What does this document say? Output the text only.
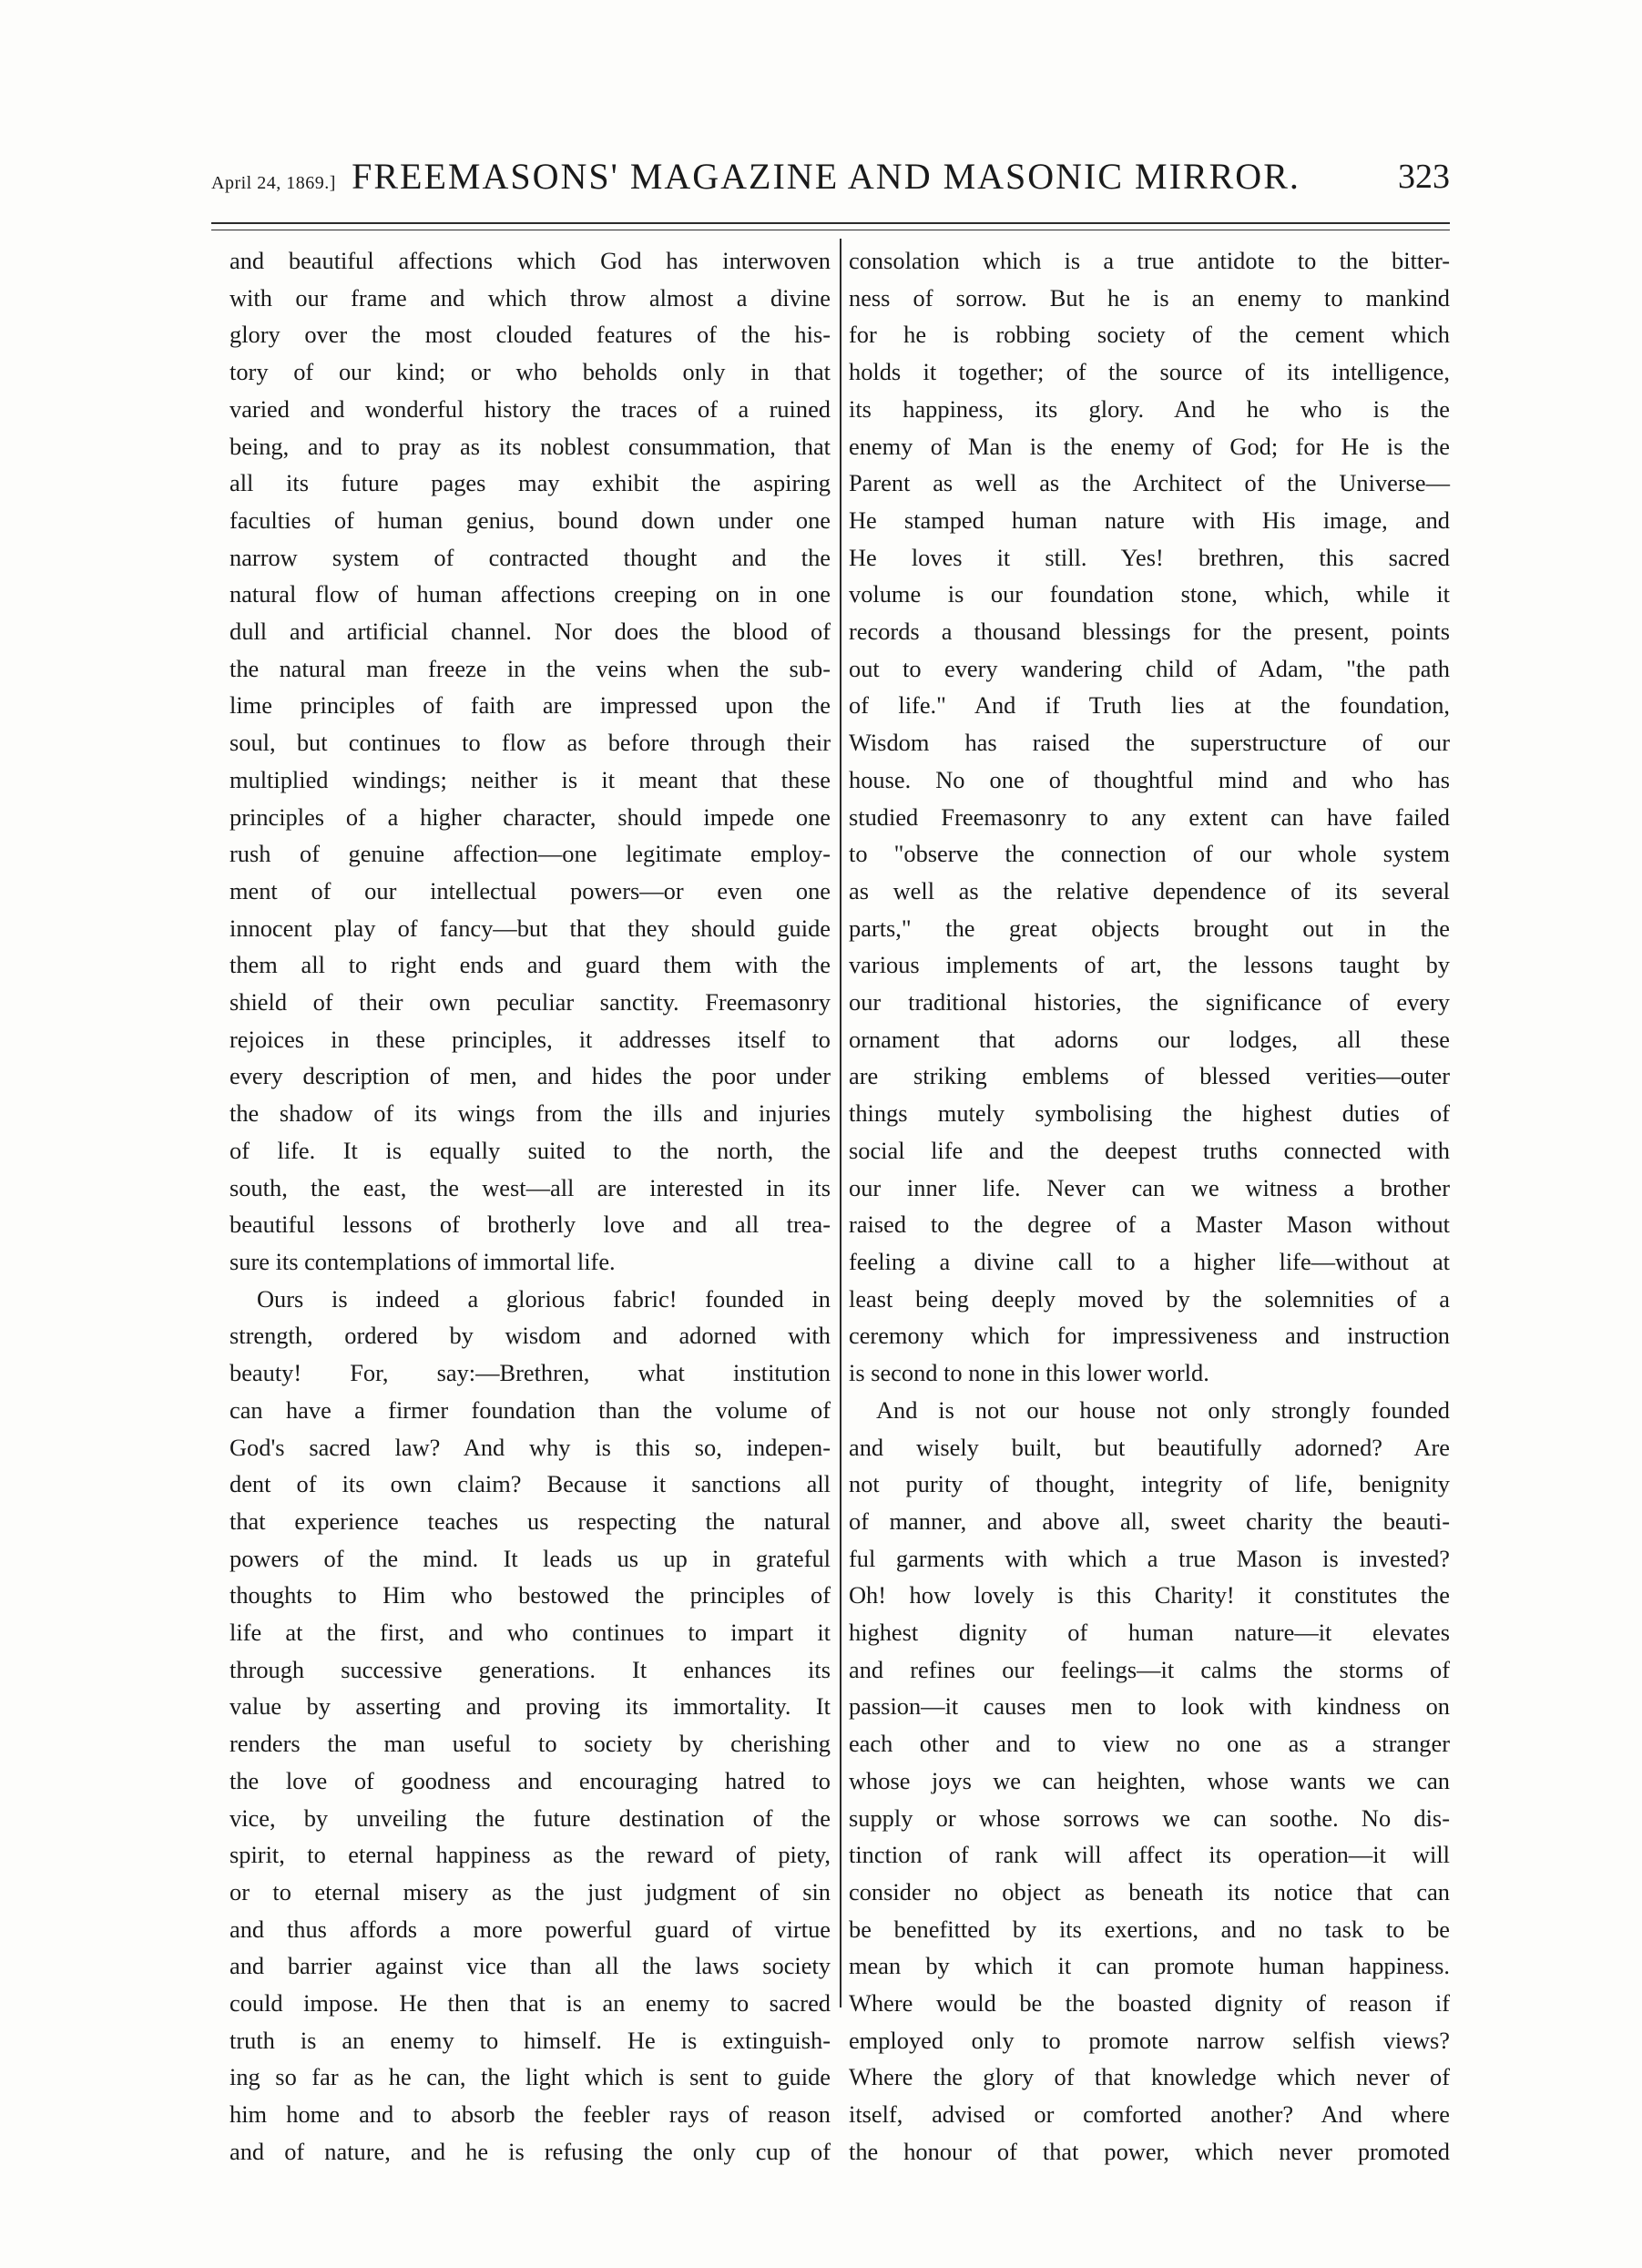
April 24, 1869.] FREEMASONS' MAGAZINE AND MASONIC MIRROR.	323
and beautiful affections which God has interwoven
with our frame and which throw almost a divine
glory over the most clouded features of the his-
tory of our kind; or who beholds only in that
varied and wonderful history the traces of a ruined
being, and to pray as its noblest consummation, that
all its future pages may exhibit the aspiring
faculties of human genius, bound down under one
narrow system of contracted thought and the
natural flow of human affections creeping on in one
dull and artificial channel. Nor does the blood of
the natural man freeze in the veins when the sub-
lime principles of faith are impressed upon the
soul, but continues to flow as before through their
multiplied windings; neither is it meant that these
principles of a higher character, should impede one
rush of genuine affection—one legitimate employ-
ment of our intellectual powers—or even one
innocent play of fancy—but that they should guide
them all to right ends and guard them with the
shield of their own peculiar sanctity. Freemasonry
rejoices in these principles, it addresses itself to
every description of men, and hides the poor under
the shadow of its wings from the ills and injuries
of life. It is equally suited to the north, the
south, the east, the west—all are interested in its
beautiful lessons of brotherly love and all trea-
sure its contemplations of immortal life.
Ours is indeed a glorious fabric! founded in
strength, ordered by wisdom and adorned with
beauty! For, say:—Brethren, what institution
can have a firmer foundation than the volume of
God's sacred law? And why is this so, indepen-
dent of its own claim? Because it sanctions all
that experience teaches us respecting the natural
powers of the mind. It leads us up in grateful
thoughts to Him who bestowed the principles of
life at the first, and who continues to impart it
through successive generations. It enhances its
value by asserting and proving its immortality. It
renders the man useful to society by cherishing
the love of goodness and encouraging hatred to
vice, by unveiling the future destination of the
spirit, to eternal happiness as the reward of piety,
or to eternal misery as the just judgment of sin
and thus affords a more powerful guard of virtue
and barrier against vice than all the laws society
could impose. He then that is an enemy to sacred
truth is an enemy to himself. He is extinguish-
ing so far as he can, the light which is sent to guide
him home and to absorb the feebler rays of reason
and of nature, and he is refusing the only cup of
consolation which is a true antidote to the bitter-
ness of sorrow. But he is an enemy to mankind
for he is robbing society of the cement which
holds it together; of the source of its intelligence,
its happiness, its glory. And he who is the
enemy of Man is the enemy of God; for He is the
Parent as well as the Architect of the Universe—
He stamped human nature with His image, and
He loves it still. Yes! brethren, this sacred
volume is our foundation stone, which, while it
records a thousand blessings for the present, points
out to every wandering child of Adam, "the path
of life." And if Truth lies at the foundation,
Wisdom has raised the superstructure of our
house. No one of thoughtful mind and who has
studied Freemasonry to any extent can have failed
to "observe the connection of our whole system
as well as the relative dependence of its several
parts," the great objects brought out in the
various implements of art, the lessons taught by
our traditional histories, the significance of every
ornament that adorns our lodges, all these
are striking emblems of blessed verities—outer
things mutely symbolising the highest duties of
social life and the deepest truths connected with
our inner life. Never can we witness a brother
raised to the degree of a Master Mason without
feeling a divine call to a higher life—without at
least being deeply moved by the solemnities of a
ceremony which for impressiveness and instruction
is second to none in this lower world.
And is not our house not only strongly founded
and wisely built, but beautifully adorned? Are
not purity of thought, integrity of life, benignity
of manner, and above all, sweet charity the beauti-
ful garments with which a true Mason is invested?
Oh! how lovely is this Charity! it constitutes the
highest dignity of human nature—it elevates
and refines our feelings—it calms the storms of
passion—it causes men to look with kindness on
each other and to view no one as a stranger
whose joys we can heighten, whose wants we can
supply or whose sorrows we can soothe. No dis-
tinction of rank will affect its operation—it will
consider no object as beneath its notice that can
be benefitted by its exertions, and no task to be
mean by which it can promote human happiness.
Where would be the boasted dignity of reason if
employed only to promote narrow selfish views?
Where the glory of that knowledge which never of
itself, advised or comforted another? And where
the honour of that power, which never promoted
